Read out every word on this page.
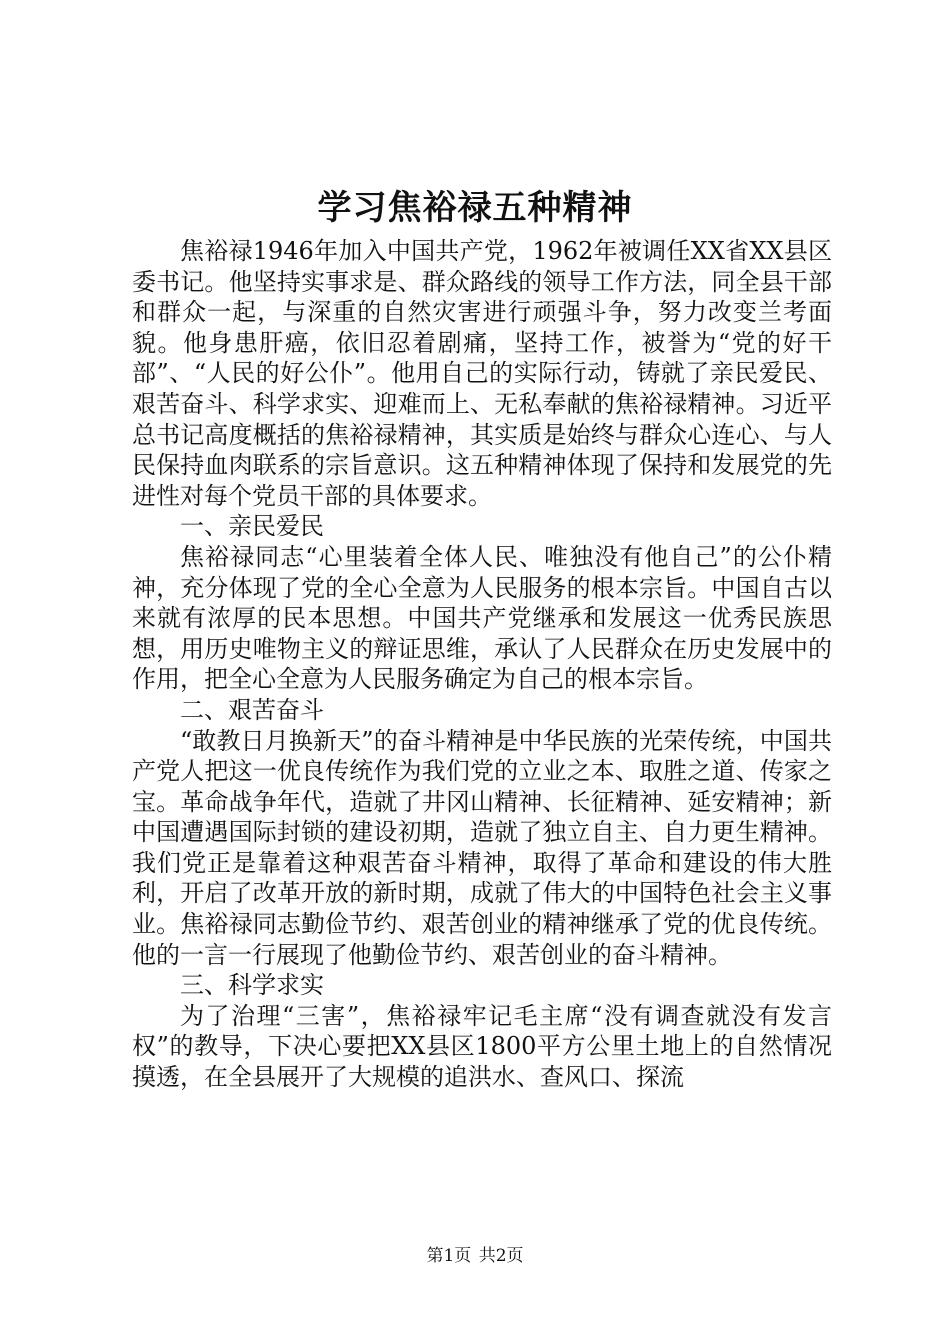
学习焦裕禄五种精神

焦裕禄1946年加入中国共产党，1962年被调任XX省XX县区委书记。他坚持实事求是、群众路线的领导工作方法，同全县干部和群众一起，与深重的自然灾害进行顽强斗争，努力改变兰考面貌。他身患肝癌，依旧忍着剧痛，坚持工作，被誉为“党的好干部”、“人民的好公仆”。他用自己的实际行动，铸就了亲民爱民、艰苦奋斗、科学求实、迎难而上、无私奉献的焦裕禄精神。习近平总书记高度概括的焦裕禄精神，其实质是始终与群众心连心、与人民保持血肉联系的宗旨意识。这五种精神体现了保持和发展党的先进性对每个党员干部的具体要求。

一、亲民爱民

焦裕禄同志“心里装着全体人民、唯独没有他自己”的公仆精神，充分体现了党的全心全意为人民服务的根本宗旨。中国自古以来就有浓厚的民本思想。中国共产党继承和发展这一优秀民族思想，用历史唯物主义的辩证思维，承认了人民群众在历史发展中的作用，把全心全意为人民服务确定为自己的根本宗旨。

二、艰苦奋斗

“敢教日月换新天”的奋斗精神是中华民族的光荣传统，中国共产党人把这一优良传统作为我们党的立业之本、取胜之道、传家之宝。革命战争年代，造就了井冈山精神、长征精神、延安精神；新中国遭遇国际封锁的建设初期，造就了独立自主、自力更生精神。我们党正是靠着这种艰苦奋斗精神，取得了革命和建设的伟大胜利，开启了改革开放的新时期，成就了伟大的中国特色社会主义事业。焦裕禄同志勤俭节约、艰苦创业的精神继承了党的优良传统。他的一言一行展现了他勤俭节约、艰苦创业的奋斗精神。

三、科学求实

为了治理“三害”，焦裕禄牢记毛主席“没有调查就没有发言权”的教导，下决心要把XX县区1800平方公里土地上的自然情况摸透，在全县展开了大规模的追洪水、查风口、探流

第1页 共2页
